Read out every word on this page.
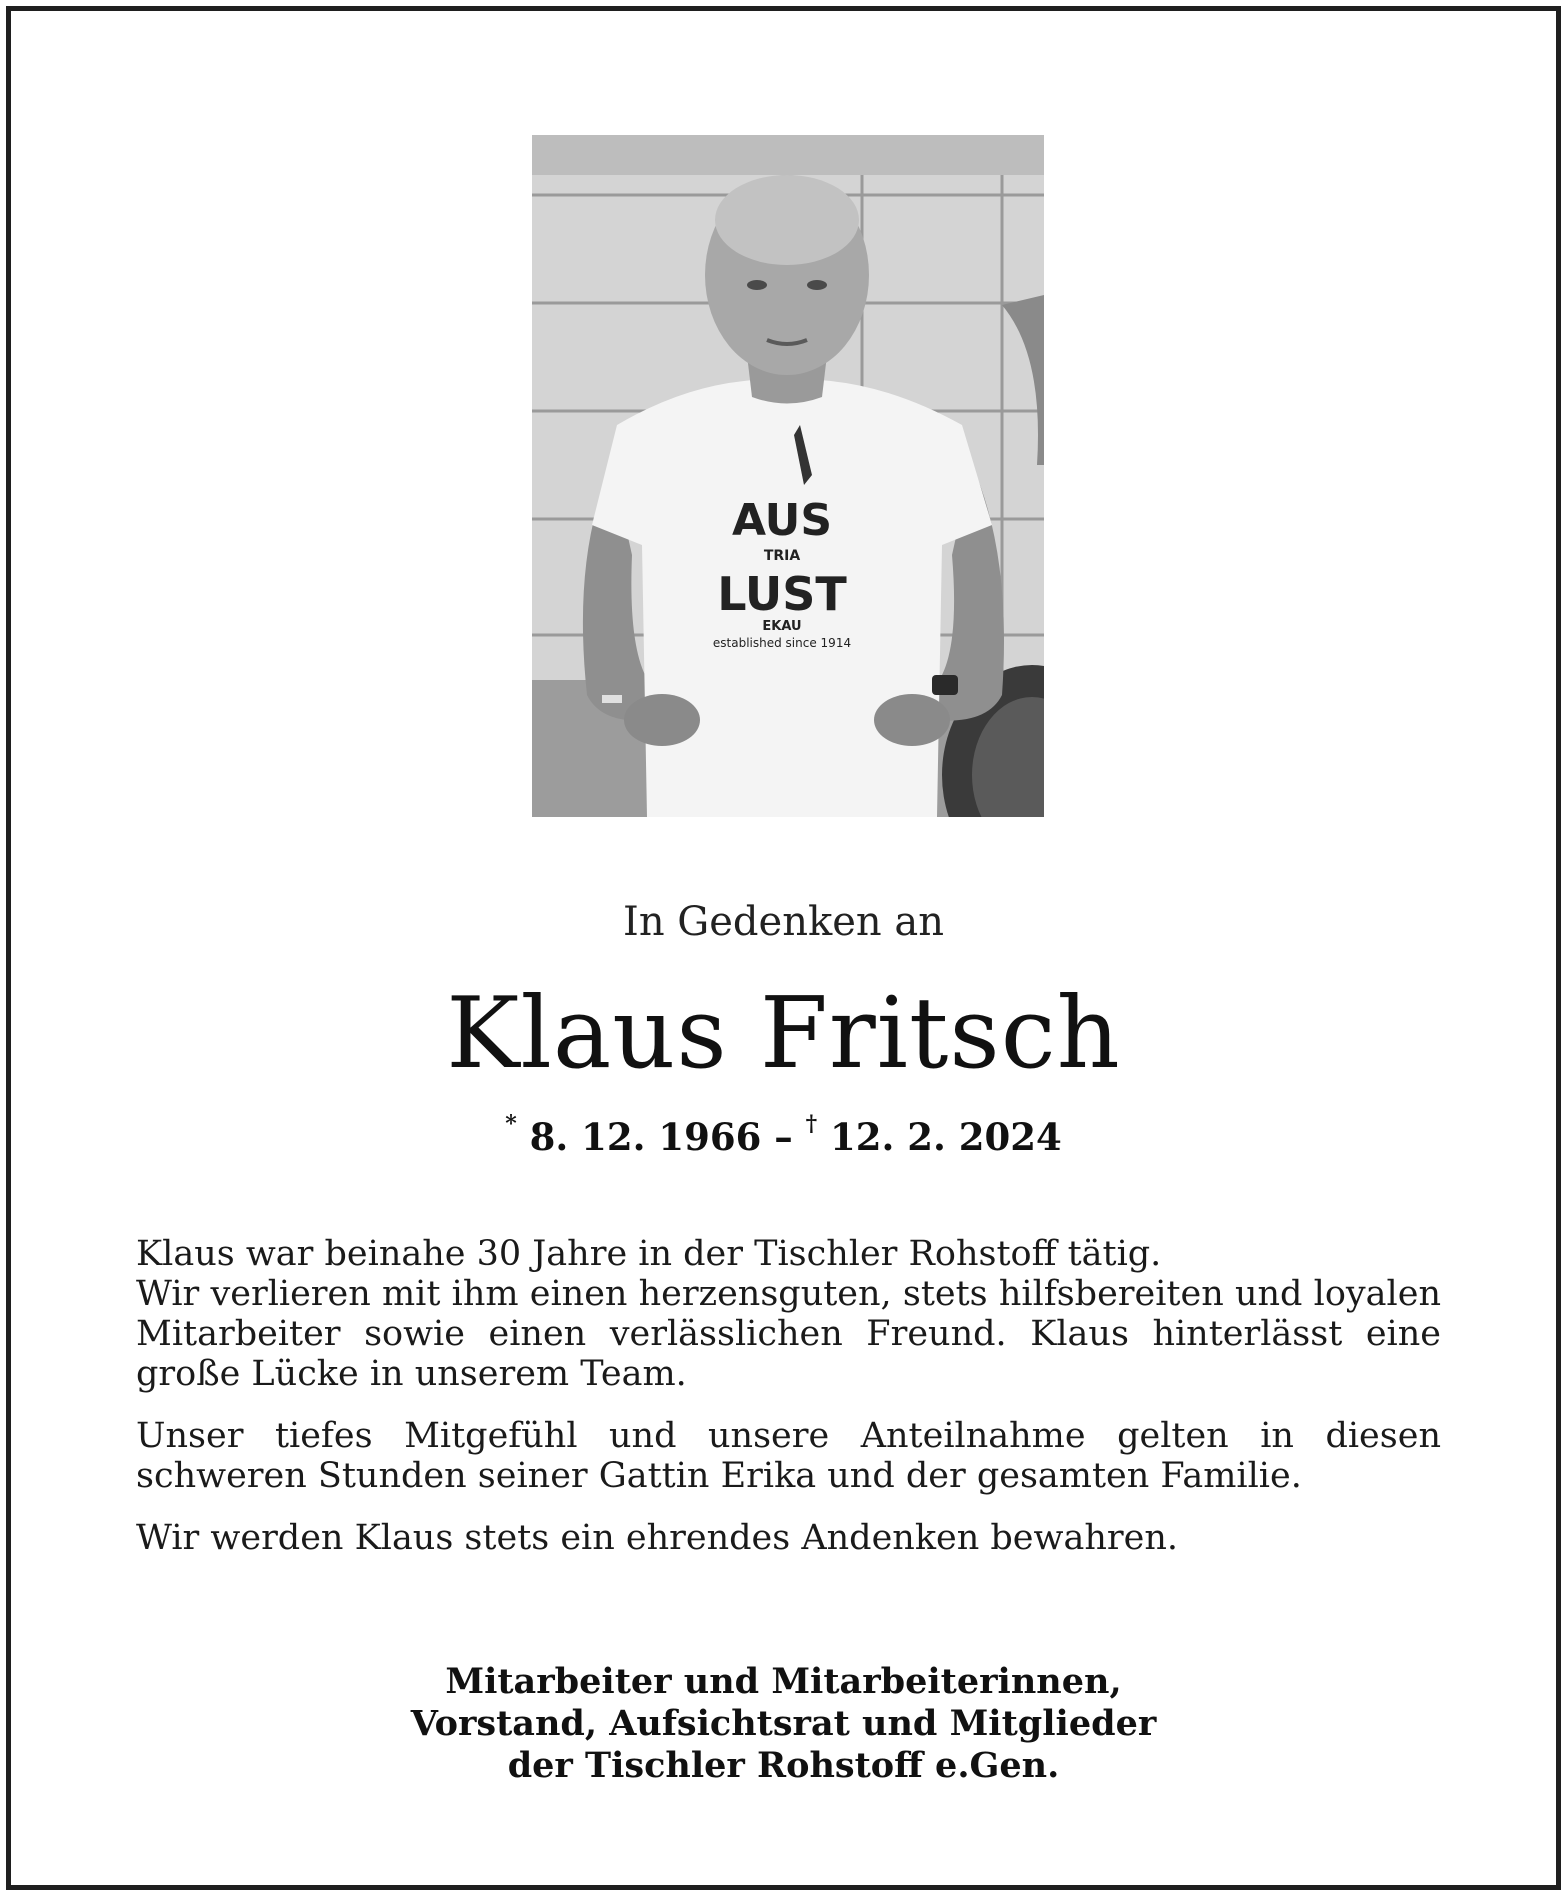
AUS
TRIA
LUST
EKAU
established since 1914
In Gedenken an
Klaus Fritsch
* 8. 12. 1966 – † 12. 2. 2024

Klaus war beinahe 30 Jahre in der Tischler Rohstoff tätig.
Wir verlieren mit ihm einen herzensguten, stets hilfsbereiten und loyalen Mitarbeiter sowie einen verlässlichen Freund. Klaus hinterlässt eine große Lücke in unserem Team.

Unser tiefes Mitgefühl und unsere Anteilnahme gelten in diesen schweren Stunden seiner Gattin Erika und der gesamten Familie.

Wir werden Klaus stets ein ehrendes Andenken bewahren.

Mitarbeiter und Mitarbeiterinnen,
Vorstand, Aufsichtsrat und Mitglieder
der Tischler Rohstoff e.Gen.
